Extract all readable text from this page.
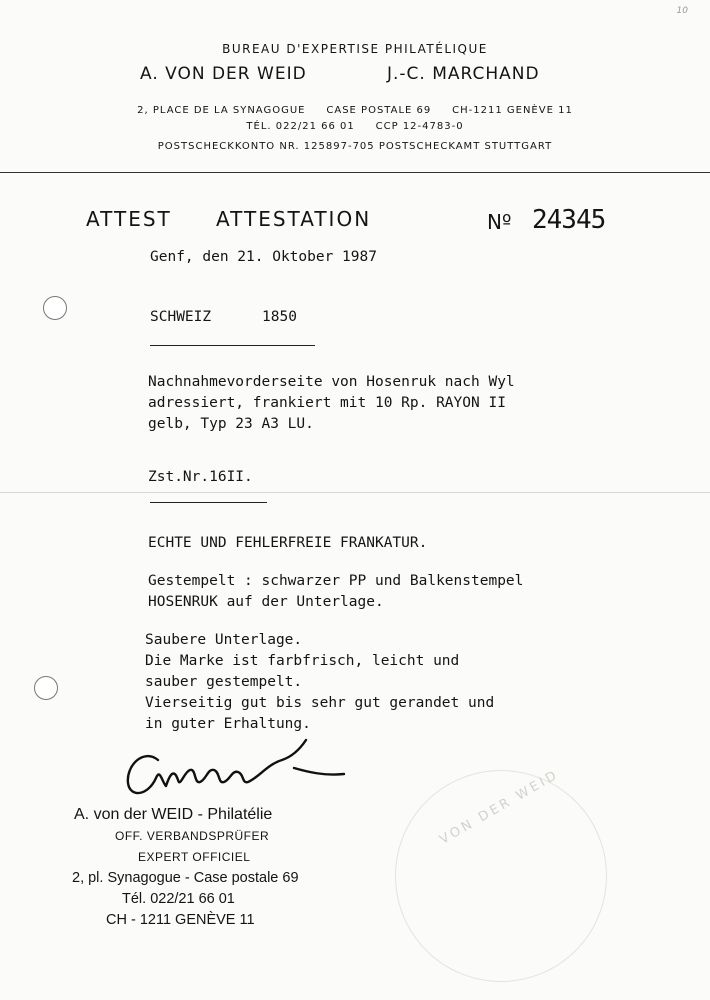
10
BUREAU D'EXPERTISE PHILATÉLIQUE
A. VON DER WEID	J.-C. MARCHAND
2, PLACE DE LA SYNAGOGUE     CASE POSTALE 69     CH-1211 GENÈVE 11
TÉL. 022/21 66 01     CCP 12-4783-0
POSTSCHECKKONTO NR. 125897-705 POSTSCHECKAMT STUTTGART
ATTEST ATTESTATION	Nº 24345
Genf, den 21. Oktober 1987
SCHWEIZ	1850
Nachnahmevorderseite von Hosenruk nach Wyl
adressiert, frankiert mit 10 Rp. RAYON II
gelb, Typ 23 A3 LU.
Zst.Nr.16II.
ECHTE UND FEHLERFREIE FRANKATUR.
Gestempelt : schwarzer PP und Balkenstempel
HOSENRUK auf der Unterlage.
Saubere Unterlage.
Die Marke ist farbfrisch, leicht und
sauber gestempelt.
Vierseitig gut bis sehr gut gerandet und
in guter Erhaltung.
A. von der WEID - Philatélie
OFF. VERBANDSPRÜFER
EXPERT OFFICIEL
2, pl. Synagogue - Case postale 69
Tél. 022/21 66 01
CH - 1211 GENÈVE 11
VON DER WEID
